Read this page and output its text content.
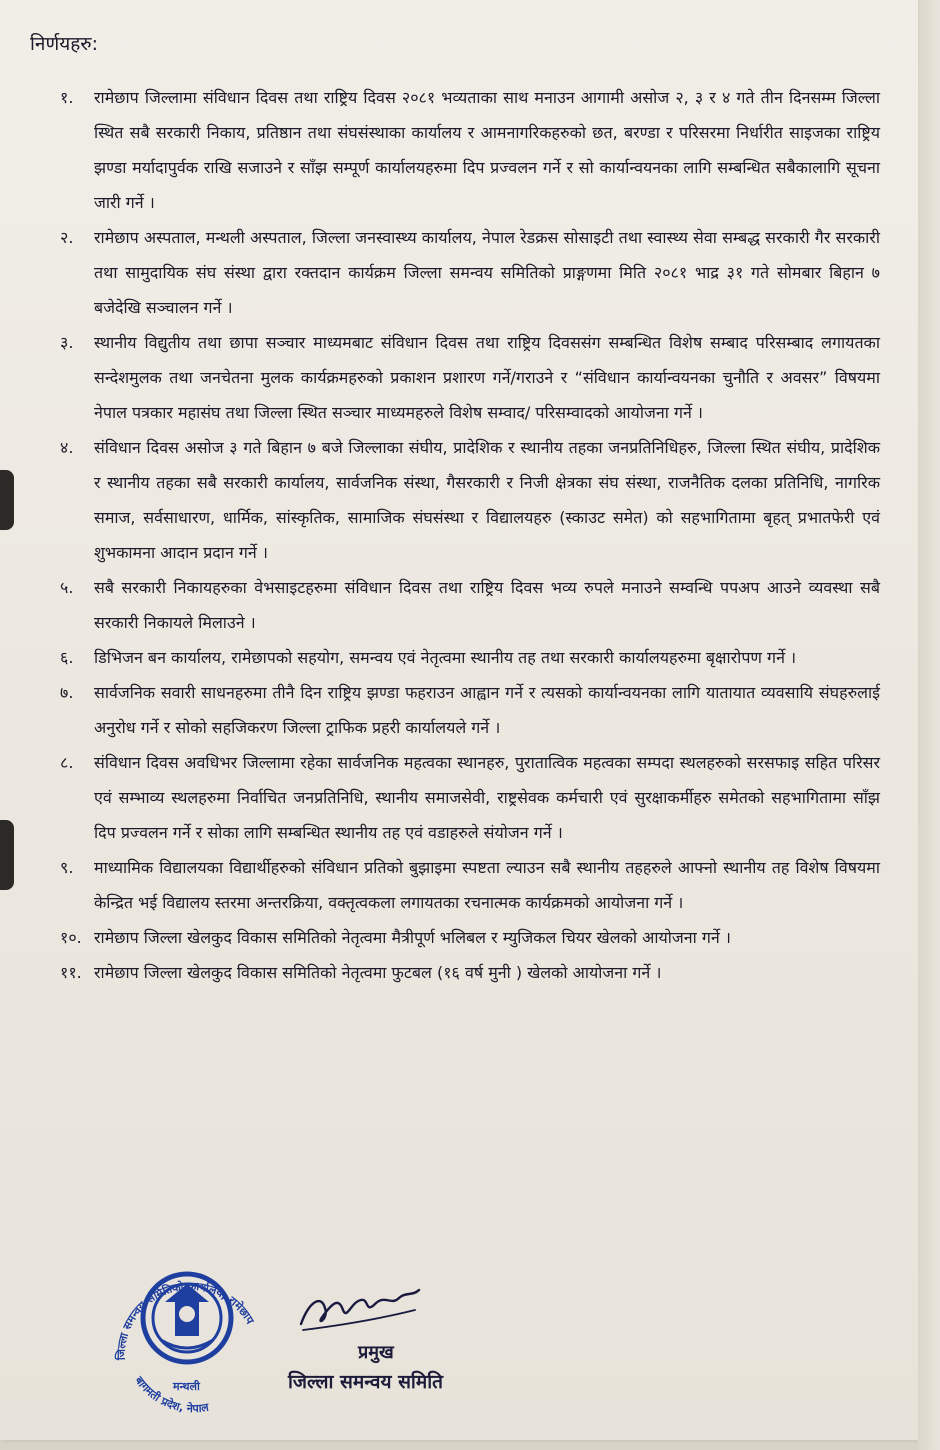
निर्णयहरु:
१.	रामेछाप जिल्लामा संविधान दिवस तथा राष्ट्रिय दिवस २०८१ भव्यताका साथ मनाउन आगामी असोज २, ३ र ४ गते तीन दिनसम्म जिल्ला स्थित सबै सरकारी निकाय, प्रतिष्ठान तथा संघसंस्थाका कार्यालय र आमनागरिकहरुको छत, बरण्डा र परिसरमा निर्धारीत साइजका राष्ट्रिय झण्डा मर्यादापुर्वक राखि सजाउने र साँझ सम्पूर्ण कार्यालयहरुमा दिप प्रज्वलन गर्ने र सो कार्यान्वयनका लागि सम्बन्धित सबैकालागि सूचना जारी गर्ने ।
२.	रामेछाप अस्पताल, मन्थली अस्पताल, जिल्ला जनस्वास्थ्य कार्यालय, नेपाल रेडक्रस सोसाइटी तथा स्वास्थ्य सेवा सम्बद्ध सरकारी गैर सरकारी तथा सामुदायिक संघ संस्था द्वारा रक्तदान कार्यक्रम जिल्ला समन्वय समितिको प्राङ्गणमा मिति २०८१ भाद्र ३१ गते सोमबार बिहान ७ बजेदेखि सञ्चालन गर्ने ।
३.	स्थानीय विद्युतीय तथा छापा सञ्चार माध्यमबाट संविधान दिवस तथा राष्ट्रिय दिवससंग सम्बन्धित विशेष सम्बाद परिसम्बाद लगायतका सन्देशमुलक तथा जनचेतना मुलक कार्यक्रमहरुको प्रकाशन प्रशारण गर्ने/गराउने र “संविधान कार्यान्वयनका चुनौति र अवसर” विषयमा नेपाल पत्रकार महासंघ तथा जिल्ला स्थित सञ्चार माध्यमहरुले विशेष सम्वाद/ परिसम्वादको आयोजना गर्ने ।
४.	संविधान दिवस असोज ३ गते बिहान ७ बजे जिल्लाका संघीय, प्रादेशिक र स्थानीय तहका जनप्रतिनिधिहरु, जिल्ला स्थित संघीय, प्रादेशिक र स्थानीय तहका सबै सरकारी कार्यालय, सार्वजनिक संस्था, गैसरकारी र निजी क्षेत्रका संघ संस्था, राजनैतिक दलका प्रतिनिधि, नागरिक समाज, सर्वसाधारण, धार्मिक, सांस्कृतिक, सामाजिक संघसंस्था र विद्यालयहरु (स्काउट समेत) को सहभागितामा बृहत् प्रभातफेरी एवं शुभकामना आदान प्रदान गर्ने ।
५.	सबै सरकारी निकायहरुका वेभसाइटहरुमा संविधान दिवस तथा राष्ट्रिय दिवस भव्य रुपले मनाउने सम्वन्धि पपअप आउने व्यवस्था सबै सरकारी निकायले मिलाउने ।
६.	डिभिजन बन कार्यालय, रामेछापको सहयोग, समन्वय एवं नेतृत्वमा स्थानीय तह तथा सरकारी कार्यालयहरुमा बृक्षारोपण गर्ने ।
७.	सार्वजनिक सवारी साधनहरुमा तीनै दिन राष्ट्रिय झण्डा फहराउन आह्वान गर्ने र त्यसको कार्यान्वयनका लागि यातायात व्यवसायि संघहरुलाई अनुरोध गर्ने र सोको सहजिकरण जिल्ला ट्राफिक प्रहरी कार्यालयले गर्ने ।
८.	संविधान दिवस अवधिभर जिल्लामा रहेका सार्वजनिक महत्वका स्थानहरु, पुरातात्विक महत्वका सम्पदा स्थलहरुको सरसफाइ सहित परिसर एवं सम्भाव्य स्थलहरुमा निर्वाचित जनप्रतिनिधि, स्थानीय समाजसेवी, राष्ट्रसेवक कर्मचारी एवं सुरक्षाकर्मीहरु समेतको सहभागितामा साँझ दिप प्रज्वलन गर्ने र सोका लागि सम्बन्धित स्थानीय तह एवं वडाहरुले संयोजन गर्ने ।
९.	माध्यामिक विद्यालयका विद्यार्थीहरुको संविधान प्रतिको बुझाइमा स्पष्टता ल्याउन सबै स्थानीय तहहरुले आफ्नो स्थानीय तह विशेष विषयमा केन्द्रित भई विद्यालय स्तरमा अन्तरक्रिया, वक्तृत्वकला लगायतका रचनात्मक कार्यक्रमको आयोजना गर्ने ।
१०. रामेछाप जिल्ला खेलकुद विकास समितिको नेतृत्वमा मैत्रीपूर्ण भलिबल र म्युजिकल चियर खेलको आयोजना गर्ने ।
११. रामेछाप जिल्ला खेलकुद विकास समितिको नेतृत्वमा फुटबल (१६ वर्ष मुनी ) खेलको आयोजना गर्ने ।
जिल्ला समन्वय समितिको कार्यालय, रामेछाप
मन्थली
बागमती प्रदेश, नेपाल
प्रमुख
जिल्ला समन्वय समिति
